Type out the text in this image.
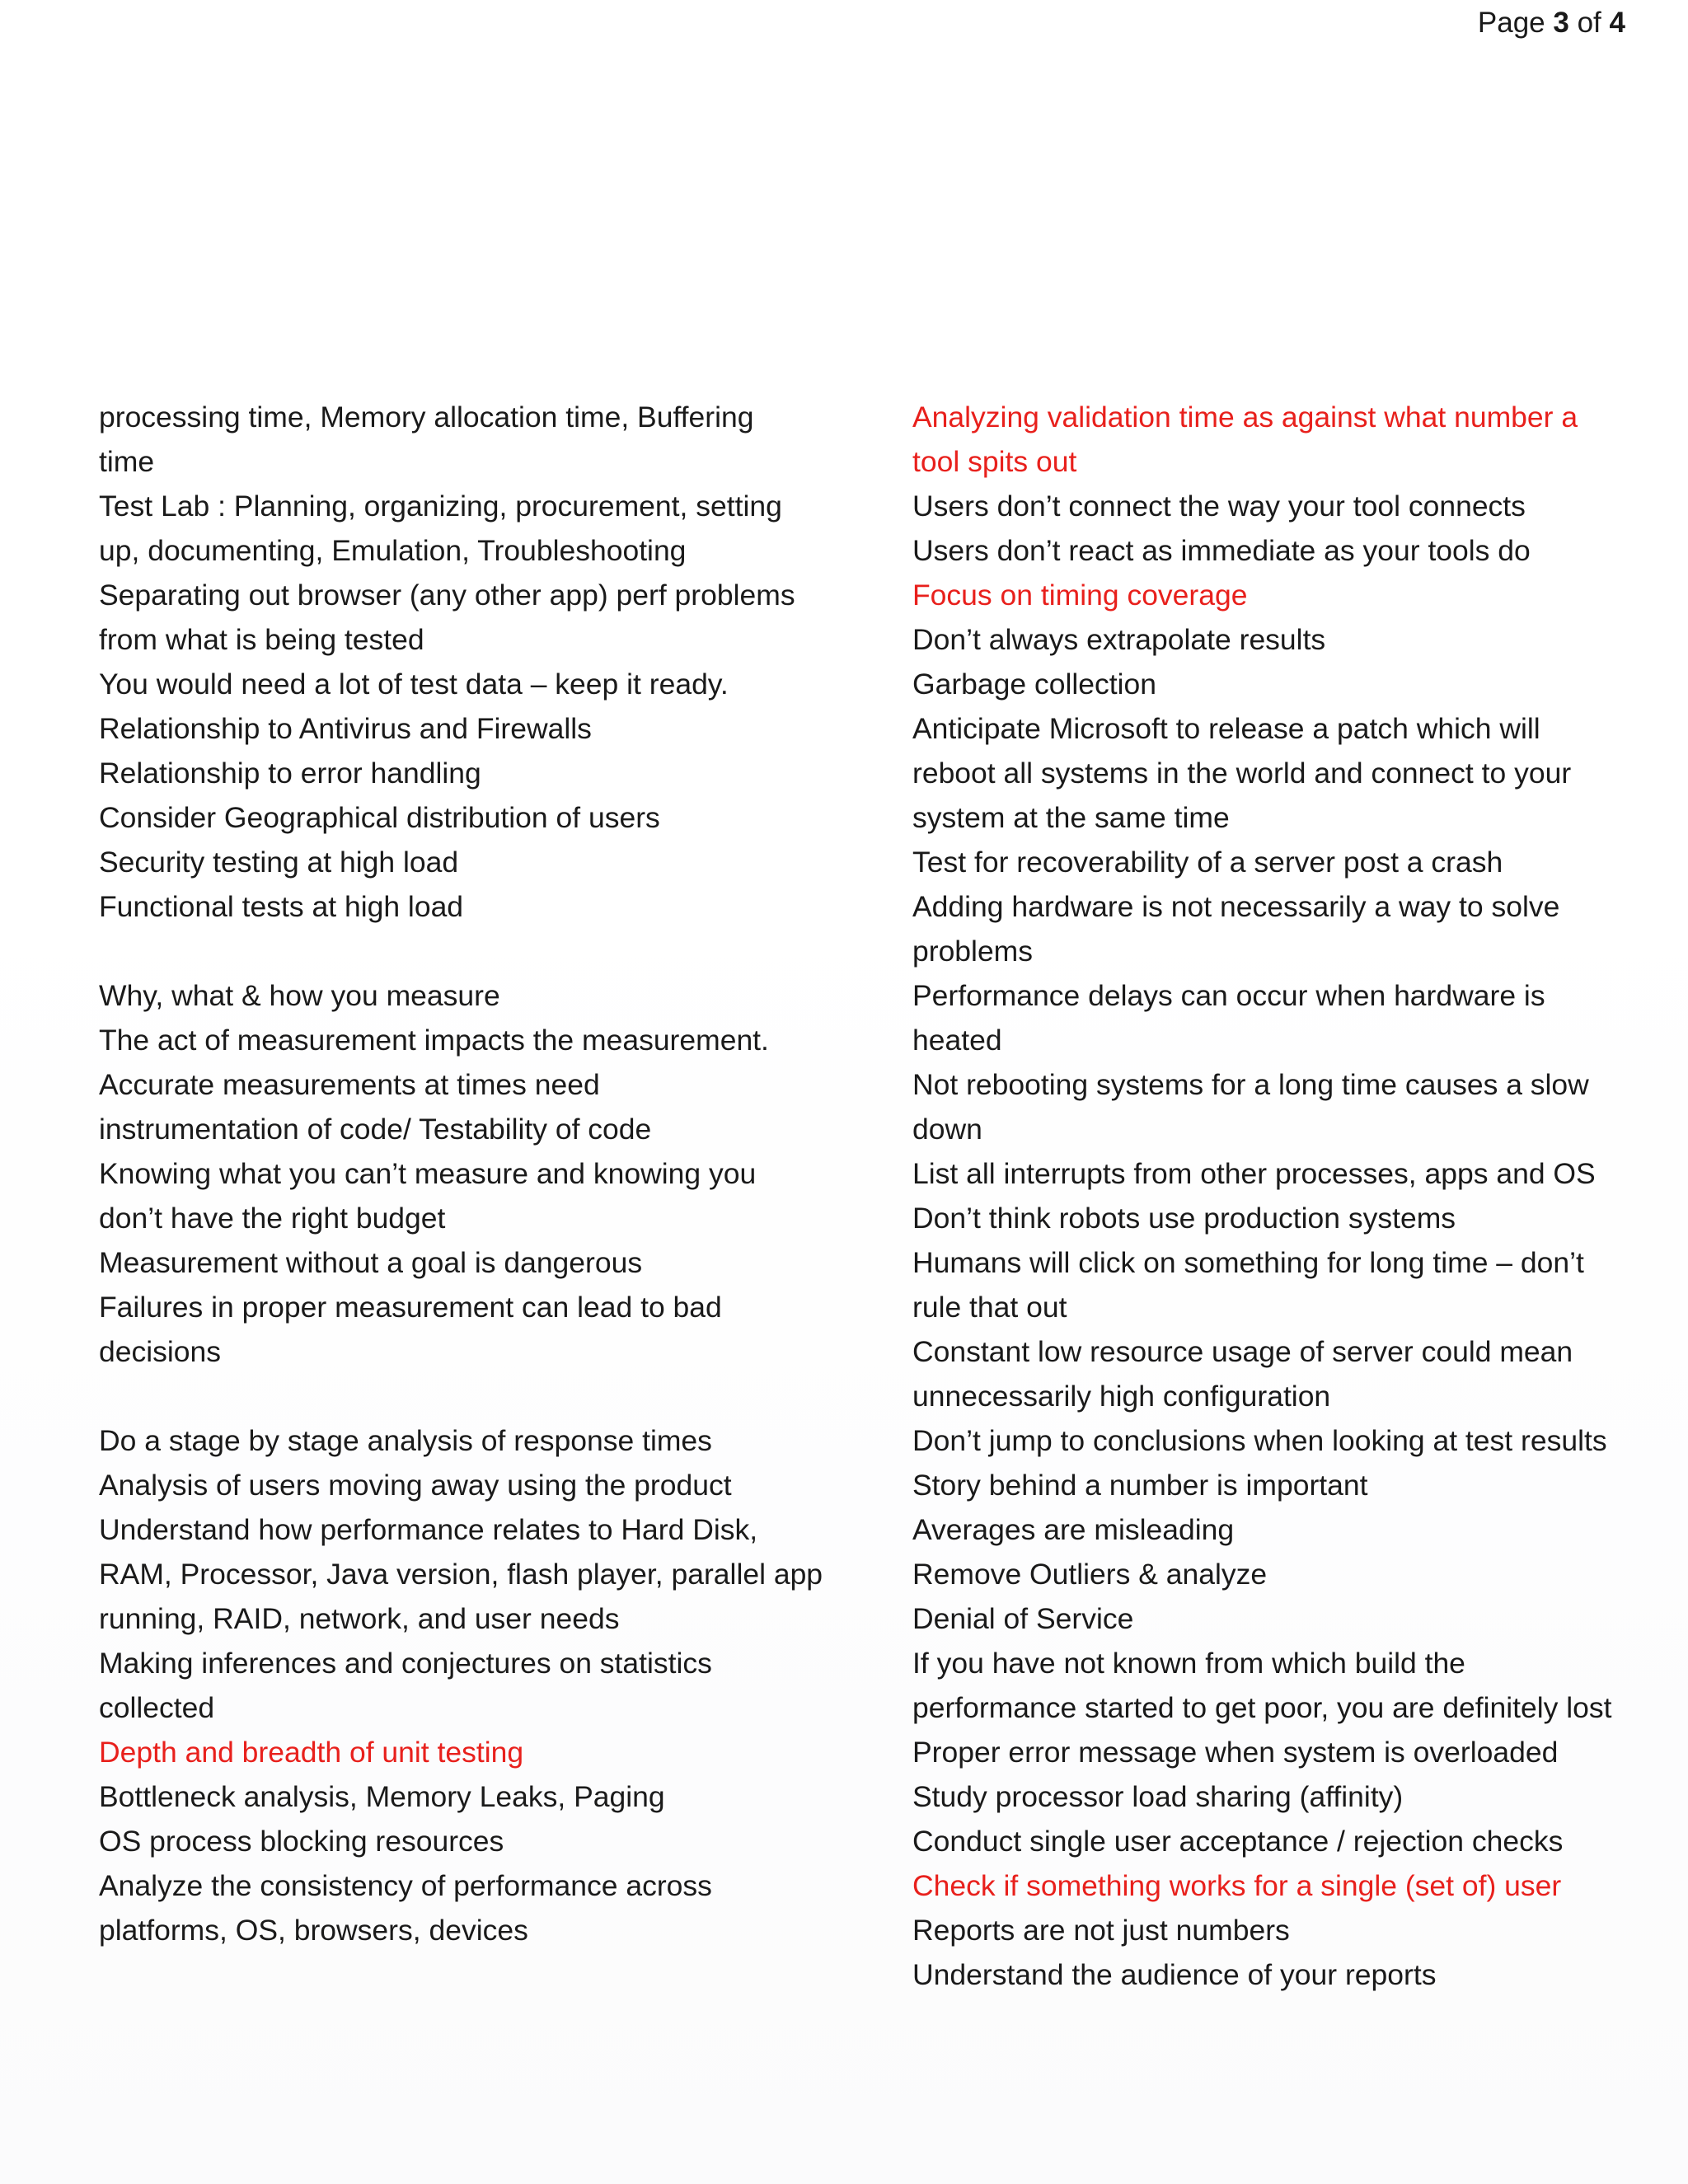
Page 3 of 4
processing time, Memory allocation time, Buffering
time
Test Lab : Planning, organizing, procurement, setting
up, documenting, Emulation, Troubleshooting
Separating out browser (any other app) perf problems
from what is being tested
You would need a lot of test data – keep it ready.
Relationship to Antivirus and Firewalls
Relationship to error handling
Consider Geographical distribution of users
Security testing at high load
Functional tests at high load
Why, what & how you measure
The act of measurement impacts the measurement.
Accurate measurements at times need
instrumentation of code/ Testability of code
Knowing what you can’t measure and knowing you
don’t have the right budget
Measurement without a goal is dangerous
Failures in proper measurement can lead to bad
decisions
Do a stage by stage analysis of response times
Analysis of users moving away using the product
Understand how performance relates to Hard Disk,
RAM, Processor, Java version, flash player, parallel app
running, RAID, network, and user needs
Making inferences and conjectures on statistics
collected
Depth and breadth of unit testing
Bottleneck analysis, Memory Leaks, Paging
OS process blocking resources
Analyze the consistency of performance across
platforms, OS, browsers, devices
Analyzing validation time as against what number a
tool spits out
Users don’t connect the way your tool connects
Users don’t react as immediate as your tools do
Focus on timing coverage
Don’t always extrapolate results
Garbage collection
Anticipate Microsoft to release a patch which will
reboot all systems in the world and connect to your
system at the same time
Test for recoverability of a server post a crash
Adding hardware is not necessarily a way to solve
problems
Performance delays can occur when hardware is
heated
Not rebooting systems for a long time causes a slow
down
List all interrupts from other processes, apps and OS
Don’t think robots use production systems
Humans will click on something for long time – don’t
rule that out
Constant low resource usage of server could mean
unnecessarily high configuration
Don’t jump to conclusions when looking at test results
Story behind a number is important
Averages are misleading
Remove Outliers & analyze
Denial of Service
If you have not known from which build the
performance started to get poor, you are definitely lost
Proper error message when system is overloaded
Study processor load sharing (affinity)
Conduct single user acceptance / rejection checks
Check if something works for a single (set of) user
Reports are not just numbers
Understand the audience of your reports
